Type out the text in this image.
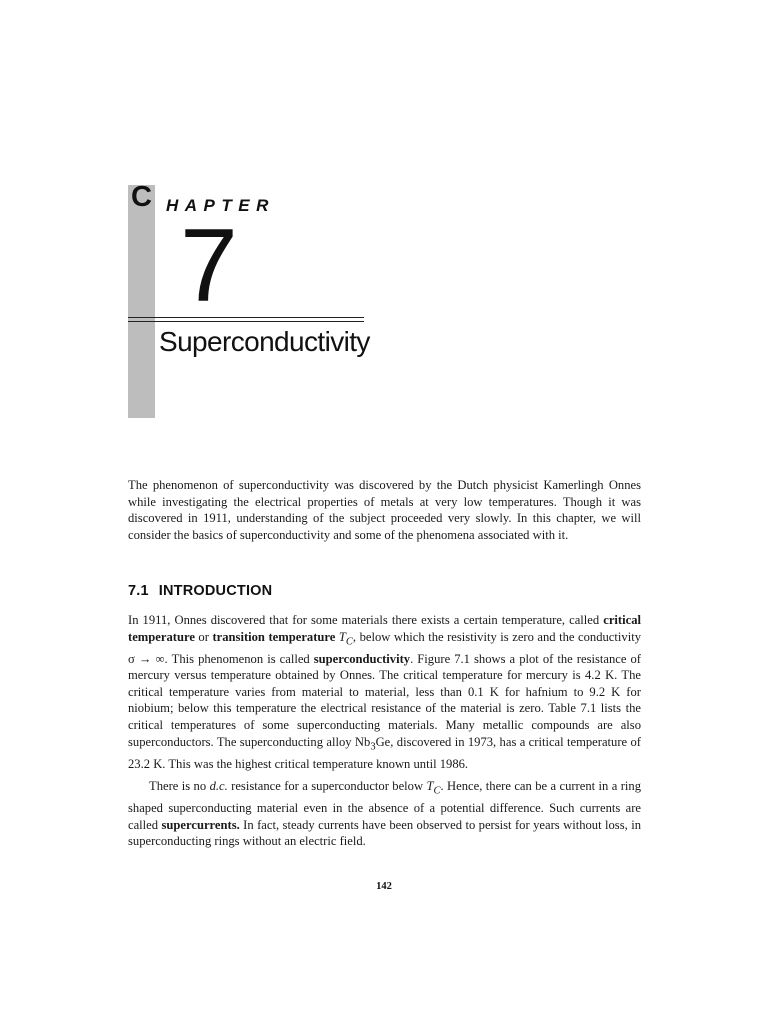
C HAPTER
7
Superconductivity

The phenomenon of superconductivity was discovered by the Dutch physicist Kamerlingh Onnes while investigating the electrical properties of metals at very low temperatures. Though it was discovered in 1911, understanding of the subject proceeded very slowly. In this chapter, we will consider the basics of superconductivity and some of the phenomena associated with it.

7.1 INTRODUCTION

In 1911, Onnes discovered that for some materials there exists a certain temperature, called critical temperature or transition temperature $T_C$, below which the resistivity is zero and the conductivity σ → ∞. This phenomenon is called superconductivity. Figure 7.1 shows a plot of the resistance of mercury versus temperature obtained by Onnes. The critical temperature for mercury is 4.2 K. The critical temperature varies from material to material, less than 0.1 K for hafnium to 9.2 K for niobium; below this temperature the electrical resistance of the material is zero. Table 7.1 lists the critical temperatures of some superconducting materials. Many metallic compounds are also superconductors. The superconducting alloy $Nb_3Ge$, discovered in 1973, has a critical temperature of 23.2 K. This was the highest critical temperature known until 1986.

There is no d.c. resistance for a superconductor below $T_C$. Hence, there can be a current in a ring shaped superconducting material even in the absence of a potential difference. Such currents are called supercurrents. In fact, steady currents have been observed to persist for years without loss, in superconducting rings without an electric field.

142
